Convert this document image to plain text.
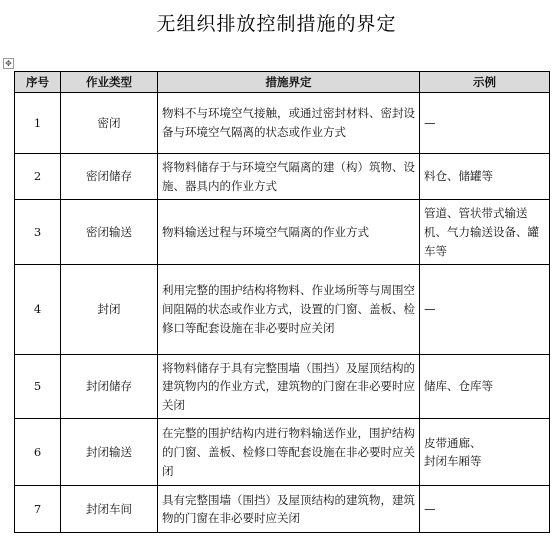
无组织排放控制措施的界定
✥
序号	作业类型	措施界定	示例
1	密闭	物料不与环境空气接触，或通过密封材料、密封设备与环境空气隔离的状态或作业方式	—

2	密闭储存	将物料储存于与环境空气隔离的建（构）筑物、设施、器具内的作业方式	料仓、储罐等

3	密闭输送	物料输送过程与环境空气隔离的作业方式	管道、管状带式输送机、气力输送设备、罐车等

4	封闭	利用完整的围护结构将物料、作业场所等与周围空间阻隔的状态或作业方式，设置的门窗、盖板、检修口等配套设施在非必要时应关闭	—

5	封闭储存	将物料储存于具有完整围墙（围挡）及屋顶结构的建筑物内的作业方式，建筑物的门窗在非必要时应关闭	储库、仓库等

6	封闭输送	在完整的围护结构内进行物料输送作业，围护结构的门窗、盖板、检修口等配套设施在非必要时应关闭	皮带通廊、
封闭车厢等

7	封闭车间	具有完整围墙（围挡）及屋顶结构的建筑物，建筑物的门窗在非必要时应关闭	—
